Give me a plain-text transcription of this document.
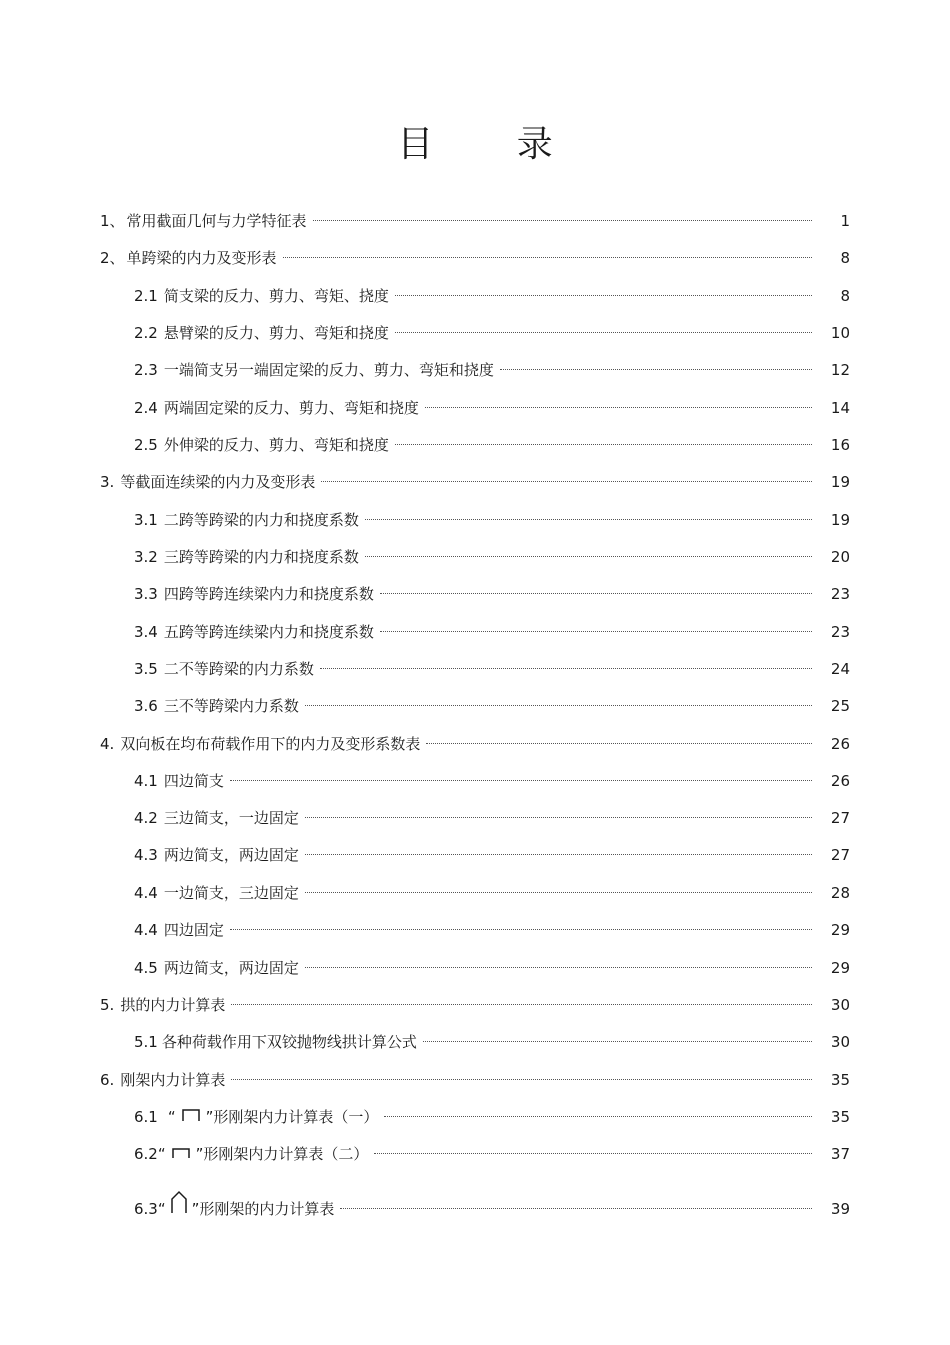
目 录
1、 常用截面几何与力学特征表	1
2、 单跨梁的内力及变形表	8
2.1 简支梁的反力、剪力、弯矩、挠度	8
2.2 悬臂梁的反力、剪力、弯矩和挠度	10
2.3 一端简支另一端固定梁的反力、剪力、弯矩和挠度	12
2.4 两端固定梁的反力、剪力、弯矩和挠度	14
2.5 外伸梁的反力、剪力、弯矩和挠度	16
3. 等截面连续梁的内力及变形表	19
3.1 二跨等跨梁的内力和挠度系数	19
3.2 三跨等跨梁的内力和挠度系数	20
3.3 四跨等跨连续梁内力和挠度系数	23
3.4 五跨等跨连续梁内力和挠度系数	23
3.5 二不等跨梁的内力系数	24
3.6 三不等跨梁内力系数	25
4. 双向板在均布荷载作用下的内力及变形系数表	26
4.1 四边简支	26
4.2 三边简支，一边固定	27
4.3 两边简支，两边固定	27
4.4 一边简支，三边固定	28
4.4 四边固定	29
4.5 两边简支，两边固定	29
5. 拱的内力计算表	30
5.1 各种荷载作用下双铰抛物线拱计算公式	30
6. 刚架内力计算表	35
6.1 “ ” 形刚架内力计算表（一）	35
6.2 “ ” 形刚架内力计算表（二）	37
6.3 “ ” 形刚架的内力计算表	39
